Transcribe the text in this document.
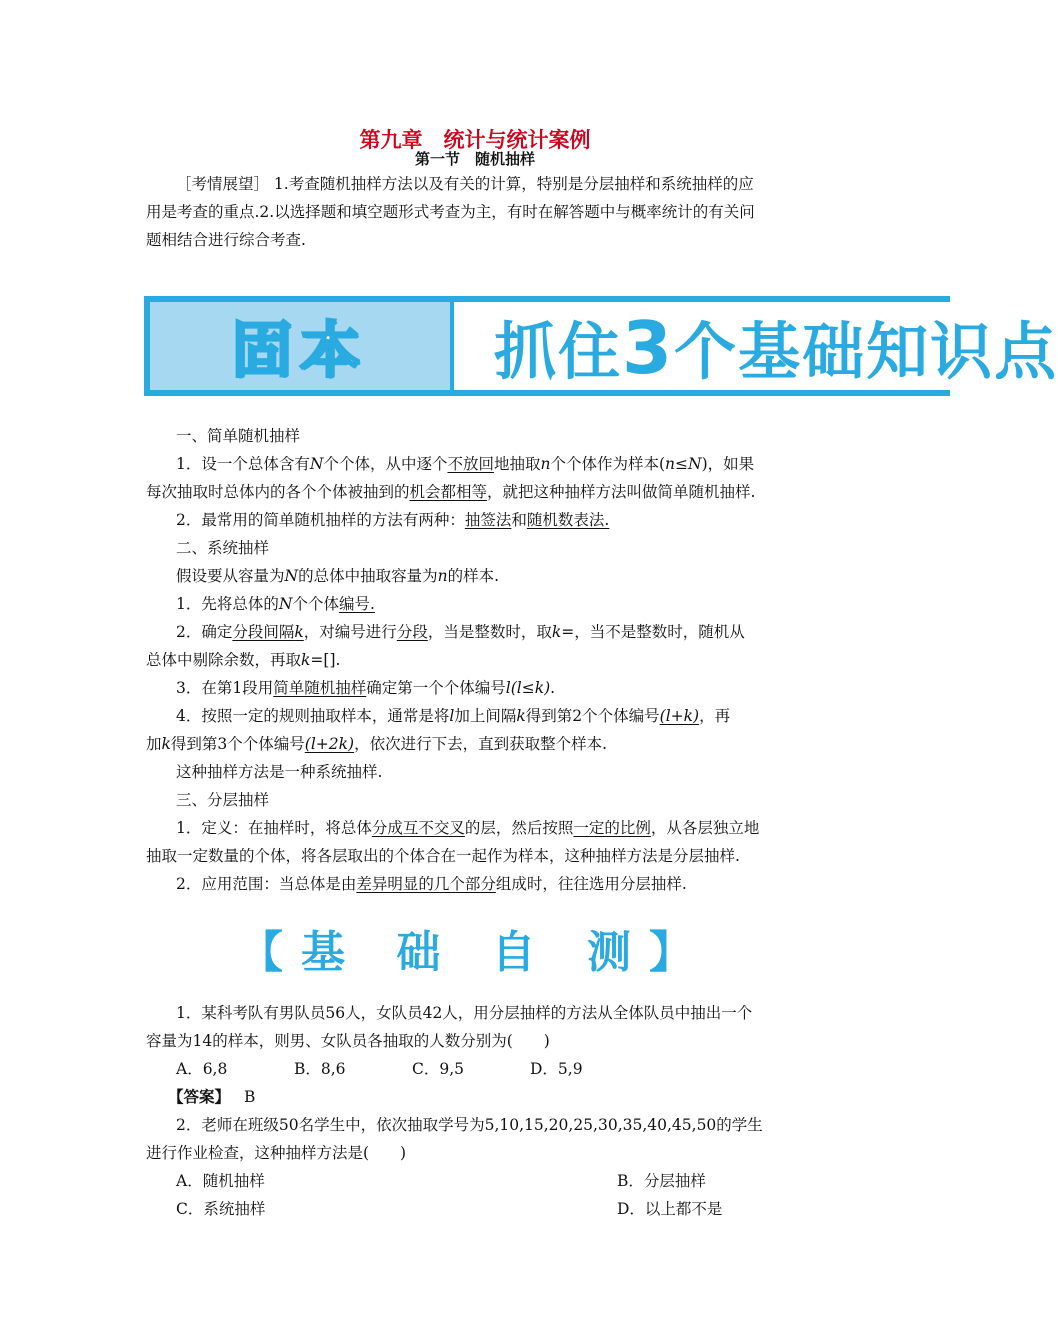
第九章　统计与统计案例
第一节　随机抽样
［考情展望］ 1.考查随机抽样方法以及有关的计算，特别是分层抽样和系统抽样的应
用是考查的重点.2.以选择题和填空题形式考查为主，有时在解答题中与概率统计的有关问
题相结合进行综合考查.
固本 抓住3个基础知识点
一、简单随机抽样
1．设一个总体含有N个个体，从中逐个不放回地抽取n个个体作为样本(n≤N)，如果
每次抽取时总体内的各个个体被抽到的机会都相等，就把这种抽样方法叫做简单随机抽样.
2．最常用的简单随机抽样的方法有两种：抽签法和随机数表法.
二、系统抽样
假设要从容量为N的总体中抽取容量为n的样本.
1．先将总体的N个个体编号.
2．确定分段间隔k，对编号进行分段，当是整数时，取k=，当不是整数时，随机从
总体中剔除余数，再取k=[].
3．在第1段用简单随机抽样确定第一个个体编号l(l≤k).
4．按照一定的规则抽取样本，通常是将l加上间隔k得到第2个个体编号(l+k)，再
加k得到第3个个体编号(l+2k)，依次进行下去，直到获取整个样本.
这种抽样方法是一种系统抽样.
三、分层抽样
1．定义：在抽样时，将总体分成互不交叉的层，然后按照一定的比例，从各层独立地
抽取一定数量的个体，将各层取出的个体合在一起作为样本，这种抽样方法是分层抽样.
2．应用范围：当总体是由差异明显的几个部分组成时，往往选用分层抽样.
【基 础 自 测】
1．某科考队有男队员56人，女队员42人，用分层抽样的方法从全体队员中抽出一个
容量为14的样本，则男、女队员各抽取的人数分别为(　　)
A．6,8	B．8,6	C．9,5	D．5,9
【答案】 B
2．老师在班级50名学生中，依次抽取学号为5,10,15,20,25,30,35,40,45,50的学生
进行作业检查，这种抽样方法是(　　)
A．随机抽样	B．分层抽样
C．系统抽样	D．以上都不是
